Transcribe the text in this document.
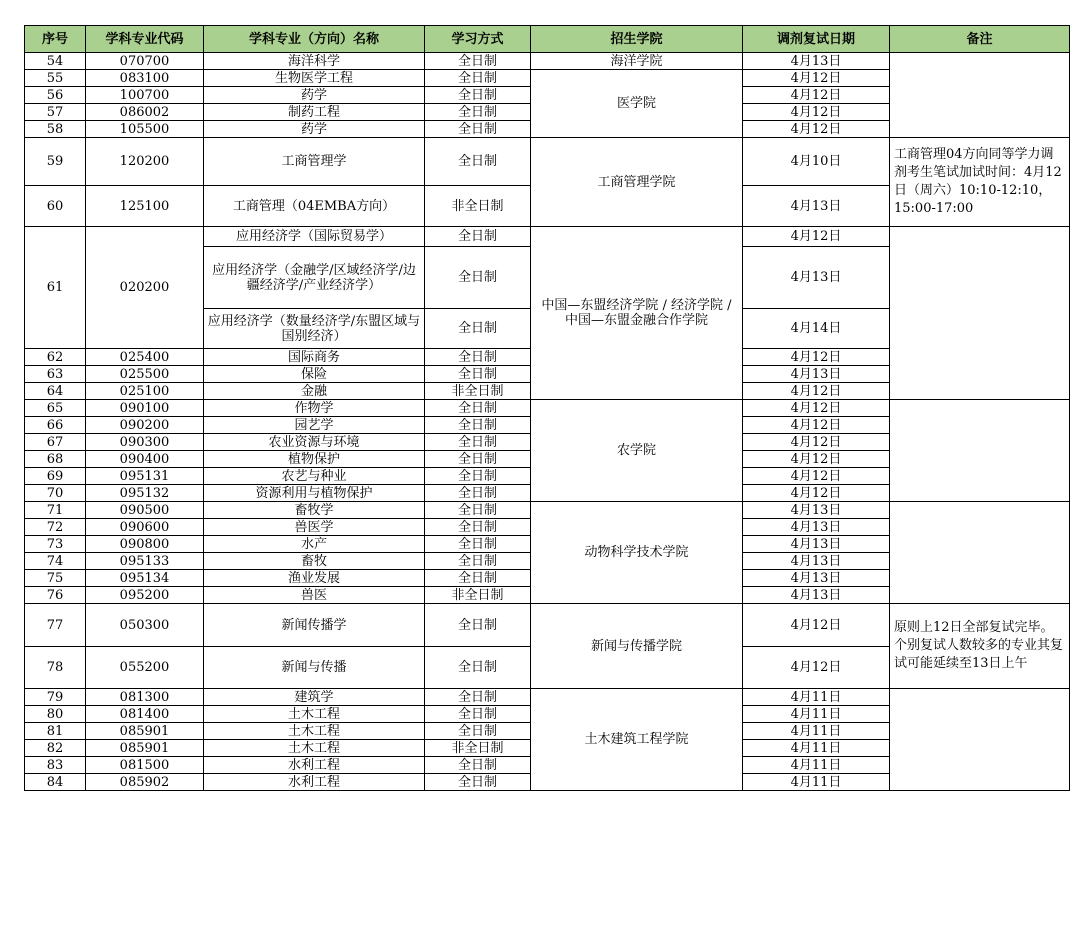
序号	学科专业代码	学科专业（方向）名称	学习方式	招生学院	调剂复试日期	备注
54	070700	海洋科学	全日制	海洋学院	4月13日	
55	083100	生物医学工程	全日制	医学院	4月12日	
56	100700	药学	全日制		4月12日	
57	086002	制药工程	全日制		4月12日	
58	105500	药学	全日制		4月12日	
59	120200	工商管理学	全日制	工商管理学院	4月10日	工商管理04方向同等学力调剂考生笔试加试时间：4月12日（周六）10:10-12:10，15:00-17:00
60	125100	工商管理（04EMBA方向）	非全日制		4月13日	
61	020200	应用经济学（国际贸易学）	全日制	中国—东盟经济学院 / 经济学院 / 中国—东盟金融合作学院	4月12日	
		应用经济学（金融学/区域经济学/边疆经济学/产业经济学）	全日制		4月13日	
		应用经济学（数量经济学/东盟区域与国别经济）	全日制		4月14日	
62	025400	国际商务	全日制		4月12日	
63	025500	保险	全日制		4月13日	
64	025100	金融	非全日制		4月12日	
65	090100	作物学	全日制	农学院	4月12日	
66	090200	园艺学	全日制		4月12日	
67	090300	农业资源与环境	全日制		4月12日	
68	090400	植物保护	全日制		4月12日	
69	095131	农艺与种业	全日制		4月12日	
70	095132	资源利用与植物保护	全日制		4月12日	
71	090500	畜牧学	全日制	动物科学技术学院	4月13日	
72	090600	兽医学	全日制		4月13日	
73	090800	水产	全日制		4月13日	
74	095133	畜牧	全日制		4月13日	
75	095134	渔业发展	全日制		4月13日	
76	095200	兽医	非全日制		4月13日	
77	050300	新闻传播学	全日制	新闻与传播学院	4月12日	原则上12日全部复试完毕。个别复试人数较多的专业其复试可能延续至13日上午
78	055200	新闻与传播	全日制		4月12日	
79	081300	建筑学	全日制	土木建筑工程学院	4月11日	
80	081400	土木工程	全日制		4月11日	
81	085901	土木工程	全日制		4月11日	
82	085901	土木工程	非全日制		4月11日	
83	081500	水利工程	全日制		4月11日	
84	085902	水利工程	全日制		4月11日	
